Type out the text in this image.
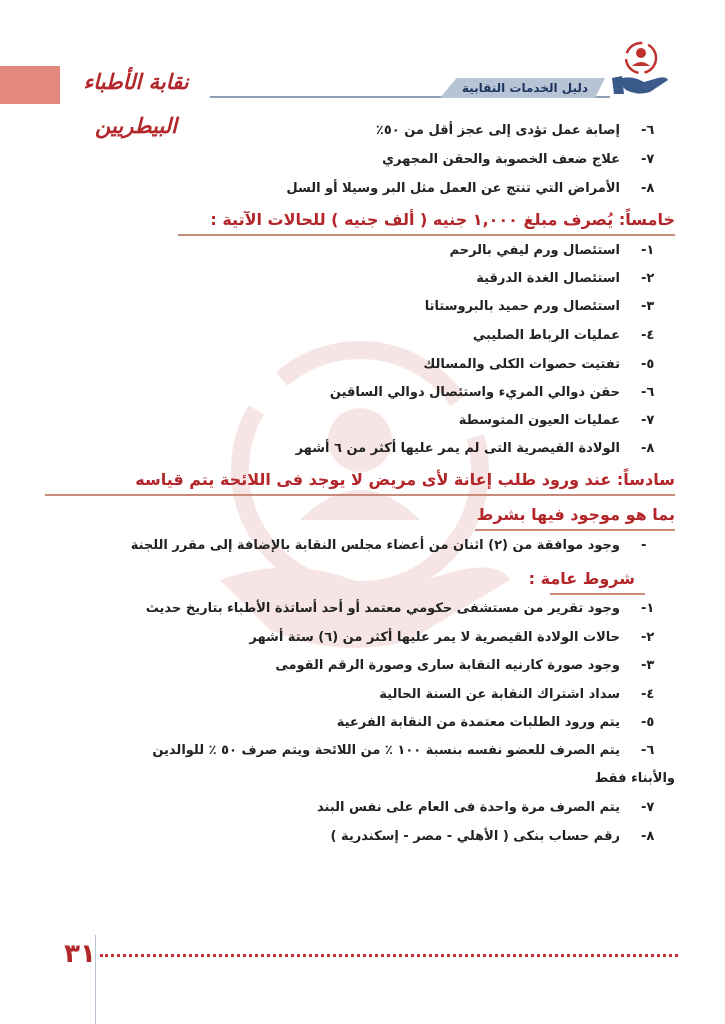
نقابة الأطباء البيطريين
دليل الخدمات النقابية
-٦
إصابة عمل تؤدى إلى عجز أقل من ٥٠٪
-٧
علاج ضعف الخصوبة والحقن المجهري
-٨
الأمراض التي تنتج عن العمل مثل البر وسيلا أو السل
خامساً: يُصرف مبلغ ١,٠٠٠ جنيه ( ألف جنيه ) للحالات الآتية :
-١
استئصال ورم ليفي بالرحم
-٢
استئصال الغدة الدرقية
-٣
استئصال ورم حميد بالبروستاتا
-٤
عمليات الرباط الصليبي
-٥
تفتيت حصوات الكلى والمسالك
-٦
حقن دوالي المريء واستئصال دوالي الساقين
-٧
عمليات العيون المتوسطة
-٨
الولادة القيصرية التى لم يمر عليها أكثر من ٦ أشهر
سادساً: عند ورود طلب إعانة لأى مريض لا يوجد فى اللائحة يتم قياسه
بما هو موجود فيها بشرط
-
وجود موافقة من (٢) اثنان من أعضاء مجلس النقابة بالإضافة إلى مقرر اللجنة
شروط عامة :
-١
وجود تقرير من مستشفى حكومي معتمد أو أحد أساتذة الأطباء بتاريخ حديث
-٢
حالات الولادة القيصرية لا يمر عليها أكثر من (٦) ستة أشهر
-٣
وجود صورة كارنيه النقابة سارى وصورة الرقم القومى
-٤
سداد اشتراك النقابة عن السنة الحالية
-٥
يتم ورود الطلبات معتمدة من النقابة الفرعية
-٦
يتم الصرف للعضو نفسه بنسبة ١٠٠ ٪ من اللائحة ويتم صرف ٥٠ ٪ للوالدين
والأبناء فقط
-٧
يتم الصرف مرة واحدة فى العام على نفس البند
-٨
رقم حساب بنكى ( الأهلي - مصر - إسكندرية )
٣١
